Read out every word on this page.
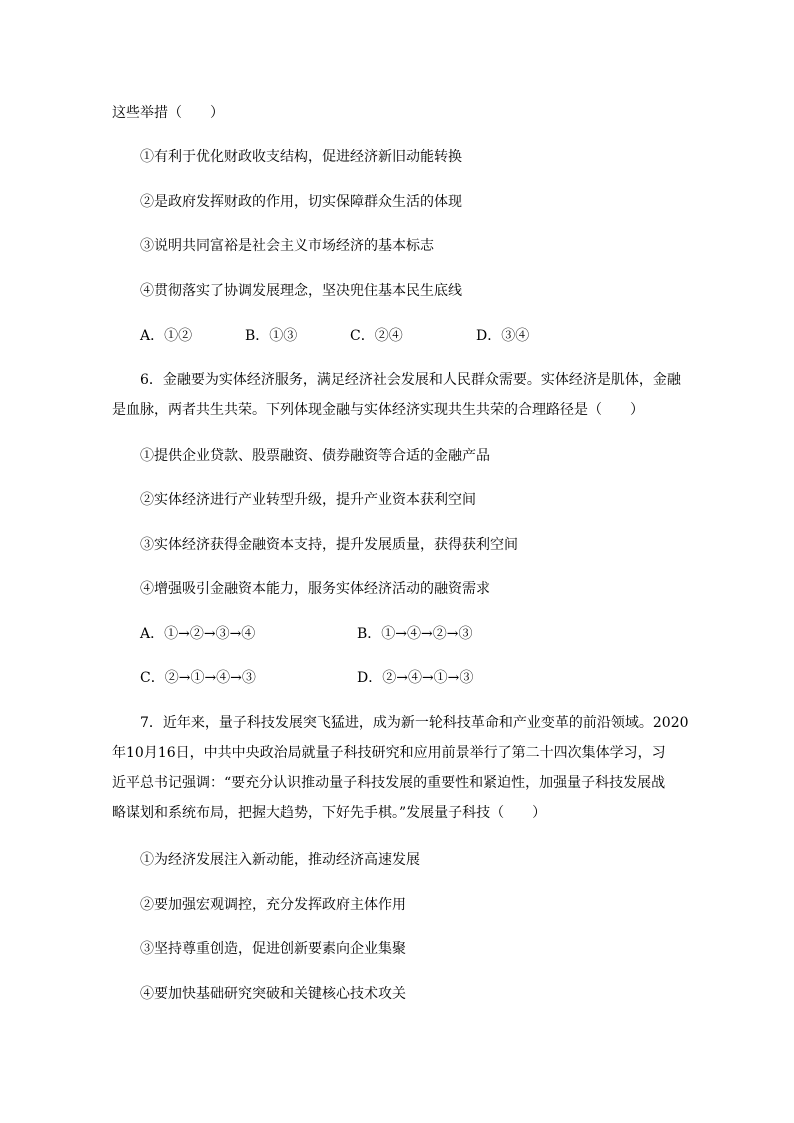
这些举措（　　）
①有利于优化财政收支结构，促进经济新旧动能转换
②是政府发挥财政的作用，切实保障群众生活的体现
③说明共同富裕是社会主义市场经济的基本标志
④贯彻落实了协调发展理念，坚决兜住基本民生底线
A．①②	B．①③	C．②④	D．③④
6．金融要为实体经济服务，满足经济社会发展和人民群众需要。实体经济是肌体，金融
是血脉，两者共生共荣。下列体现金融与实体经济实现共生共荣的合理路径是（　　）
①提供企业贷款、股票融资、债券融资等合适的金融产品
②实体经济进行产业转型升级，提升产业资本获利空间
③实体经济获得金融资本支持，提升发展质量，获得获利空间
④增强吸引金融资本能力，服务实体经济活动的融资需求
A．①→②→③→④	B．①→④→②→③
C．②→①→④→③	D．②→④→①→③
7．近年来，量子科技发展突飞猛进，成为新一轮科技革命和产业变革的前沿领域。2020
年10月16日，中共中央政治局就量子科技研究和应用前景举行了第二十四次集体学习，习
近平总书记强调：“要充分认识推动量子科技发展的重要性和紧迫性，加强量子科技发展战
略谋划和系统布局，把握大趋势，下好先手棋。”发展量子科技（　　）
①为经济发展注入新动能，推动经济高速发展
②要加强宏观调控，充分发挥政府主体作用
③坚持尊重创造，促进创新要素向企业集聚
④要加快基础研究突破和关键核心技术攻关
